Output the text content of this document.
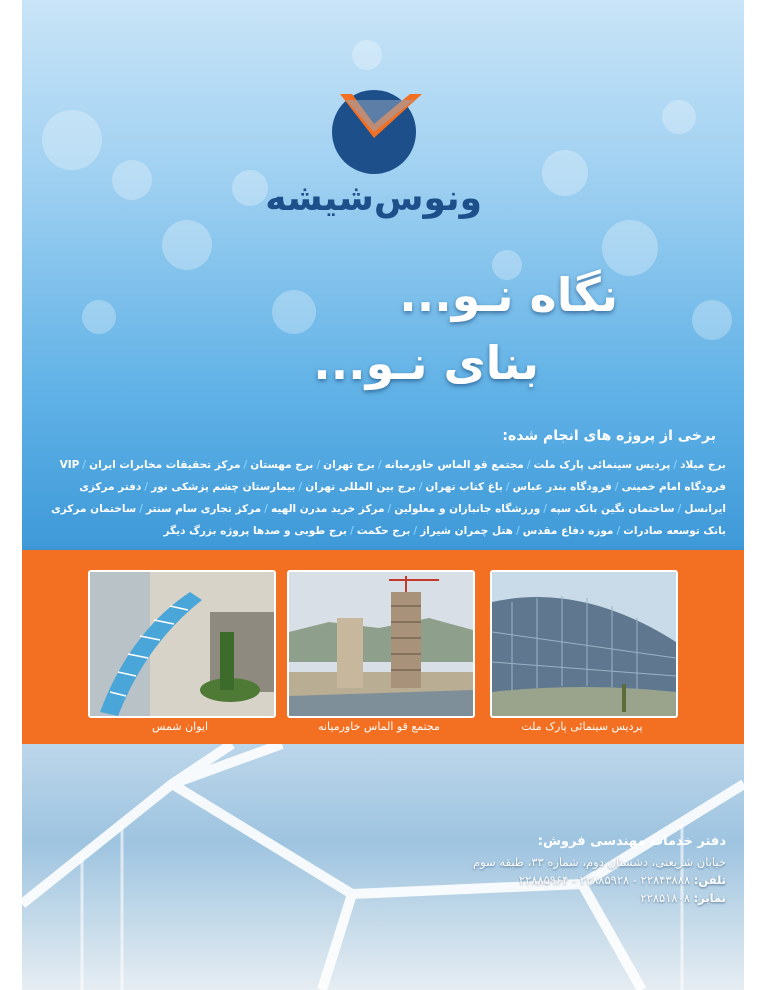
ونوس‌شیشه
نگاه نـو...
بنای نـو...
برخی از پروژه های انجام شده:
برج میلاد/پردیس سینمائی پارک ملت/مجتمع قو الماس خاورمیانه/برج تهران/برج مهستان/مرکز تحقیقات مخابرات ایران/VIP فرودگاه امام خمینی/فرودگاه بندر عباس/باغ کتاب تهران/برج بین المللی تهران/بیمارستان چشم پزشکی نور/دفتر مرکزی ایرانسل/ساختمان نگین بانک سپه/ورزشگاه جانبازان و معلولین/مرکز خرید مدرن الهیه/مرکز تجاری سام سنتر/ساختمان مرکزی بانک توسعه صادرات/موزه دفاع مقدس/هتل چمران شیراز/برج حکمت/برج طوبی و صدها پروژه بزرگ دیگر
پردیس سینمائی پارک ملت
مجتمع قو الماس خاورمیانه
ایوان شمس
دفتر خدمات مهندسی فروش:
خیابان شریعتی، دشستان دوم، شماره ۳۳، طبقه سوم
تلفن: ۲۲۸۴۳۸۸۸ - ۲۲۸۸۵۹۲۸ - ۲۲۸۸۵۹۶۴
نمابر: ۲۲۸۵۱۸۰۸
